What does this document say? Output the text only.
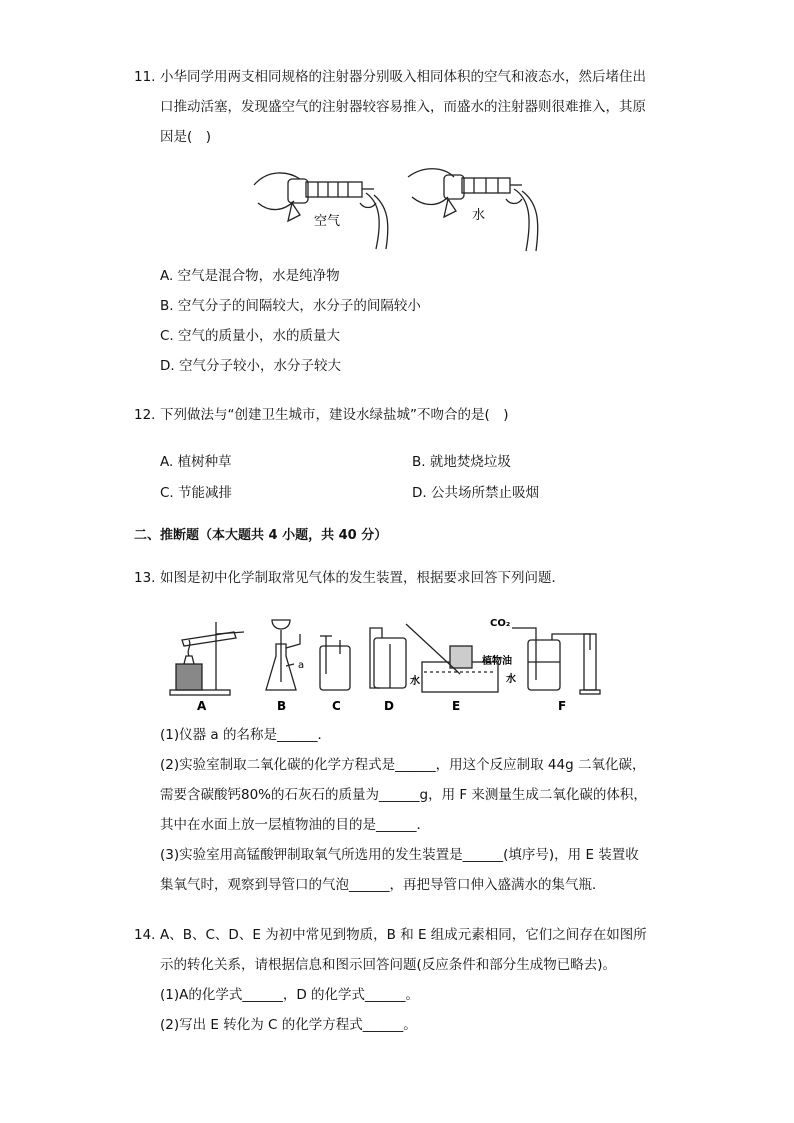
11. 小华同学用两支相同规格的注射器分别吸入相同体积的空气和液态水，然后堵住出
口推动活塞，发现盛空气的注射器较容易推入，而盛水的注射器则很难推入，其原
因是(　)
空气	水
A. 空气是混合物，水是纯净物
B. 空气分子的间隔较大，水分子的间隔较小
C. 空气的质量小，水的质量大
D. 空气分子较小，水分子较大
12. 下列做法与“创建卫生城市，建设水绿盐城”不吻合的是(　)
A. 植树种草	B. 就地焚烧垃圾
C. 节能减排	D. 公共场所禁止吸烟
二、推断题（本大题共 4 小题，共 40 分）
13. 如图是初中化学制取常见气体的发生装置，根据要求回答下列问题．
A	B	C	D	E	F
a
CO₂
植物油
水	水
(1)仪器 a 的名称是______．
(2)实验室制取二氧化碳的化学方程式是______，用这个反应制取 44g 二氧化碳，
需要含碳酸钙80%的石灰石的质量为______g，用 F 来测量生成二氧化碳的体积，
其中在水面上放一层植物油的目的是______．
(3)实验室用高锰酸钾制取氧气所选用的发生装置是______(填序号)，用 E 装置收
集氧气时，观察到导管口的气泡______，再把导管口伸入盛满水的集气瓶．
14. A、B、C、D、E 为初中常见到物质，B 和 E 组成元素相同，它们之间存在如图所
示的转化关系，请根据信息和图示回答问题(反应条件和部分生成物已略去)。
(1)A的化学式______，D 的化学式______。
(2)写出 E 转化为 C 的化学方程式______。
